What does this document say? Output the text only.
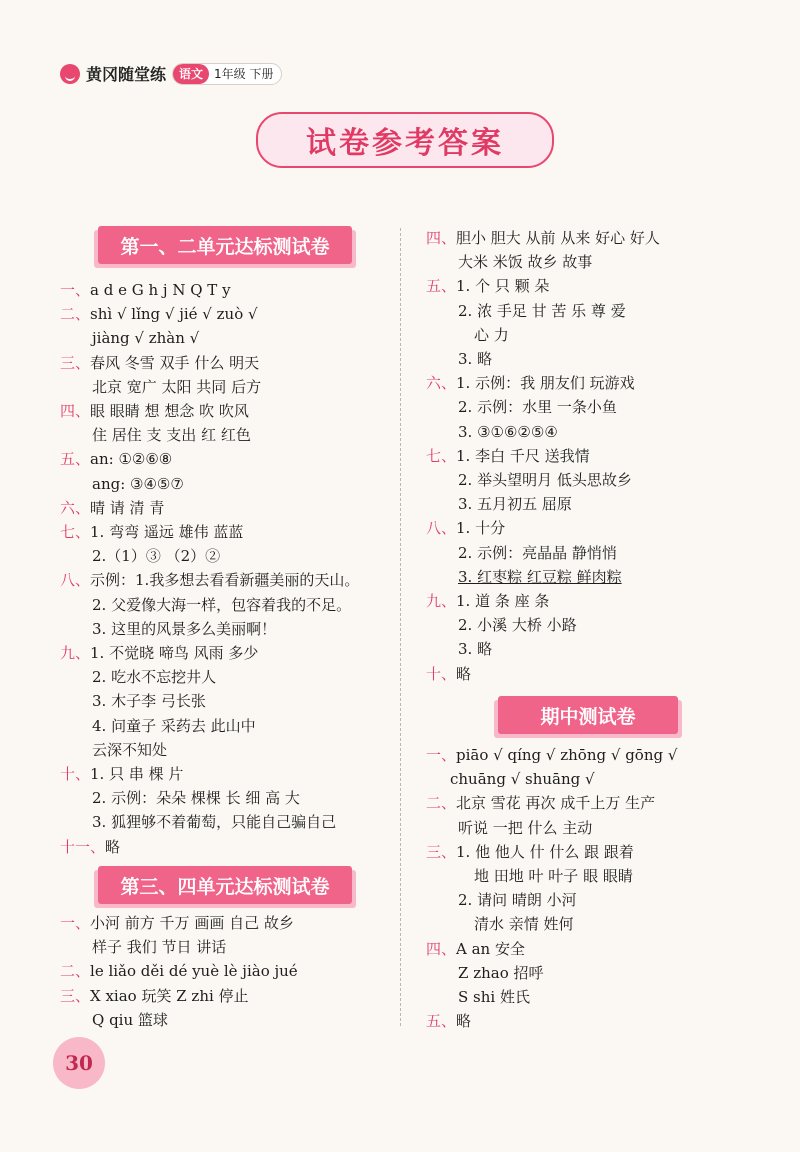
黄冈随堂练	语文 1年级 下册
试卷参考答案
第一、二单元达标测试卷
一、a d e G h j N Q T y
二、shì √ lǐng √ jié √ zuò √
jiàng √ zhàn √
三、春风 冬雪 双手 什么 明天
北京 宽广 太阳 共同 后方
四、眼 眼睛 想 想念 吹 吹风
住 居住 支 支出 红 红色
五、an: ①②⑥⑧
ang: ③④⑤⑦
六、晴 请 清 青
七、1. 弯弯 遥远 雄伟 蓝蓝
2.（1）③ （2）②
八、示例：1.我多想去看看新疆美丽的天山。
2. 父爱像大海一样，包容着我的不足。
3. 这里的风景多么美丽啊！
九、1. 不觉晓 啼鸟 风雨 多少
2. 吃水不忘挖井人
3. 木子李 弓长张
4. 问童子 采药去 此山中
云深不知处
十、1. 只 串 棵 片
2. 示例：朵朵 棵棵 长 细 高 大
3. 狐狸够不着葡萄，只能自己骗自己
十一、略
第三、四单元达标测试卷
一、小河 前方 千万 画画 自己 故乡
样子 我们 节日 讲话
二、le liǎo děi dé yuè lè jiào jué
三、X xiao 玩笑 Z zhi 停止
Q qiu 篮球
四、胆小 胆大 从前 从来 好心 好人
大米 米饭 故乡 故事
五、1. 个 只 颗 朵
2. 浓 手足 甘 苦 乐 尊 爱
心 力
3. 略
六、1. 示例：我 朋友们 玩游戏
2. 示例：水里 一条小鱼
3. ③①⑥②⑤④
七、1. 李白 千尺 送我情
2. 举头望明月 低头思故乡
3. 五月初五 屈原
八、1. 十分
2. 示例：亮晶晶 静悄悄
3. 红枣粽 红豆粽 鲜肉粽
九、1. 道 条 座 条
2. 小溪 大桥 小路
3. 略
十、略
期中测试卷
一、piāo √ qíng √ zhōng √ gōng √
chuāng √ shuāng √
二、北京 雪花 再次 成千上万 生产
听说 一把 什么 主动
三、1. 他 他人 什 什么 跟 跟着
地 田地 叶 叶子 眼 眼睛
2. 请问 晴朗 小河
清水 亲情 姓何
四、A an 安全
Z zhao 招呼
S shi 姓氏
五、略
30
